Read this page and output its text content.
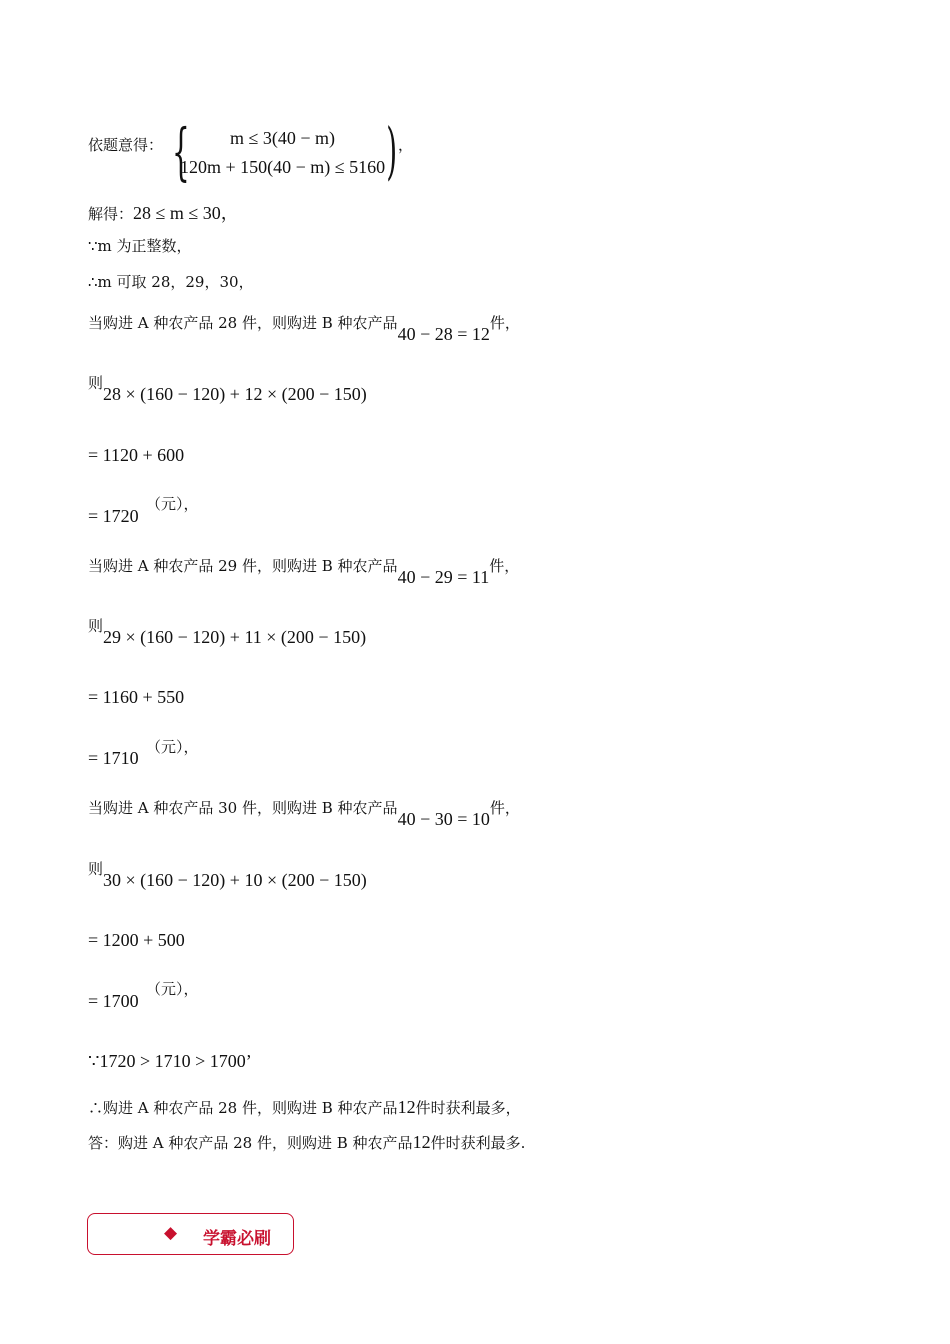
依题意得： { m ≤ 3(40 − m)
120m + 150(40 − m) ≤ 5160 ) ，
解得：28 ≤ m ≤ 30，
∵m 为正整数，
∴m 可取 28，29，30，
当购进 A 种农产品 28 件，则购进 B 种农产品40 − 28 = 12件，
则
28 × (160 − 120) + 12 × (200 − 150)
= 1120 + 600
= 1720
（元），
当购进 A 种农产品 29 件，则购进 B 种农产品40 − 29 = 11件，
则
29 × (160 − 120) + 11 × (200 − 150)
= 1160 + 550
= 1710
（元），
当购进 A 种农产品 30 件，则购进 B 种农产品40 − 30 = 10件，
则
30 × (160 − 120) + 10 × (200 − 150)
= 1200 + 500
= 1700
（元），
∵1720 > 1710 > 1700’
∴购进 A 种农产品 28 件，则购进 B 种农产品12件时获利最多，
答：购进 A 种农产品 28 件，则购进 B 种农产品12件时获利最多.
◆ 学霸必刷
